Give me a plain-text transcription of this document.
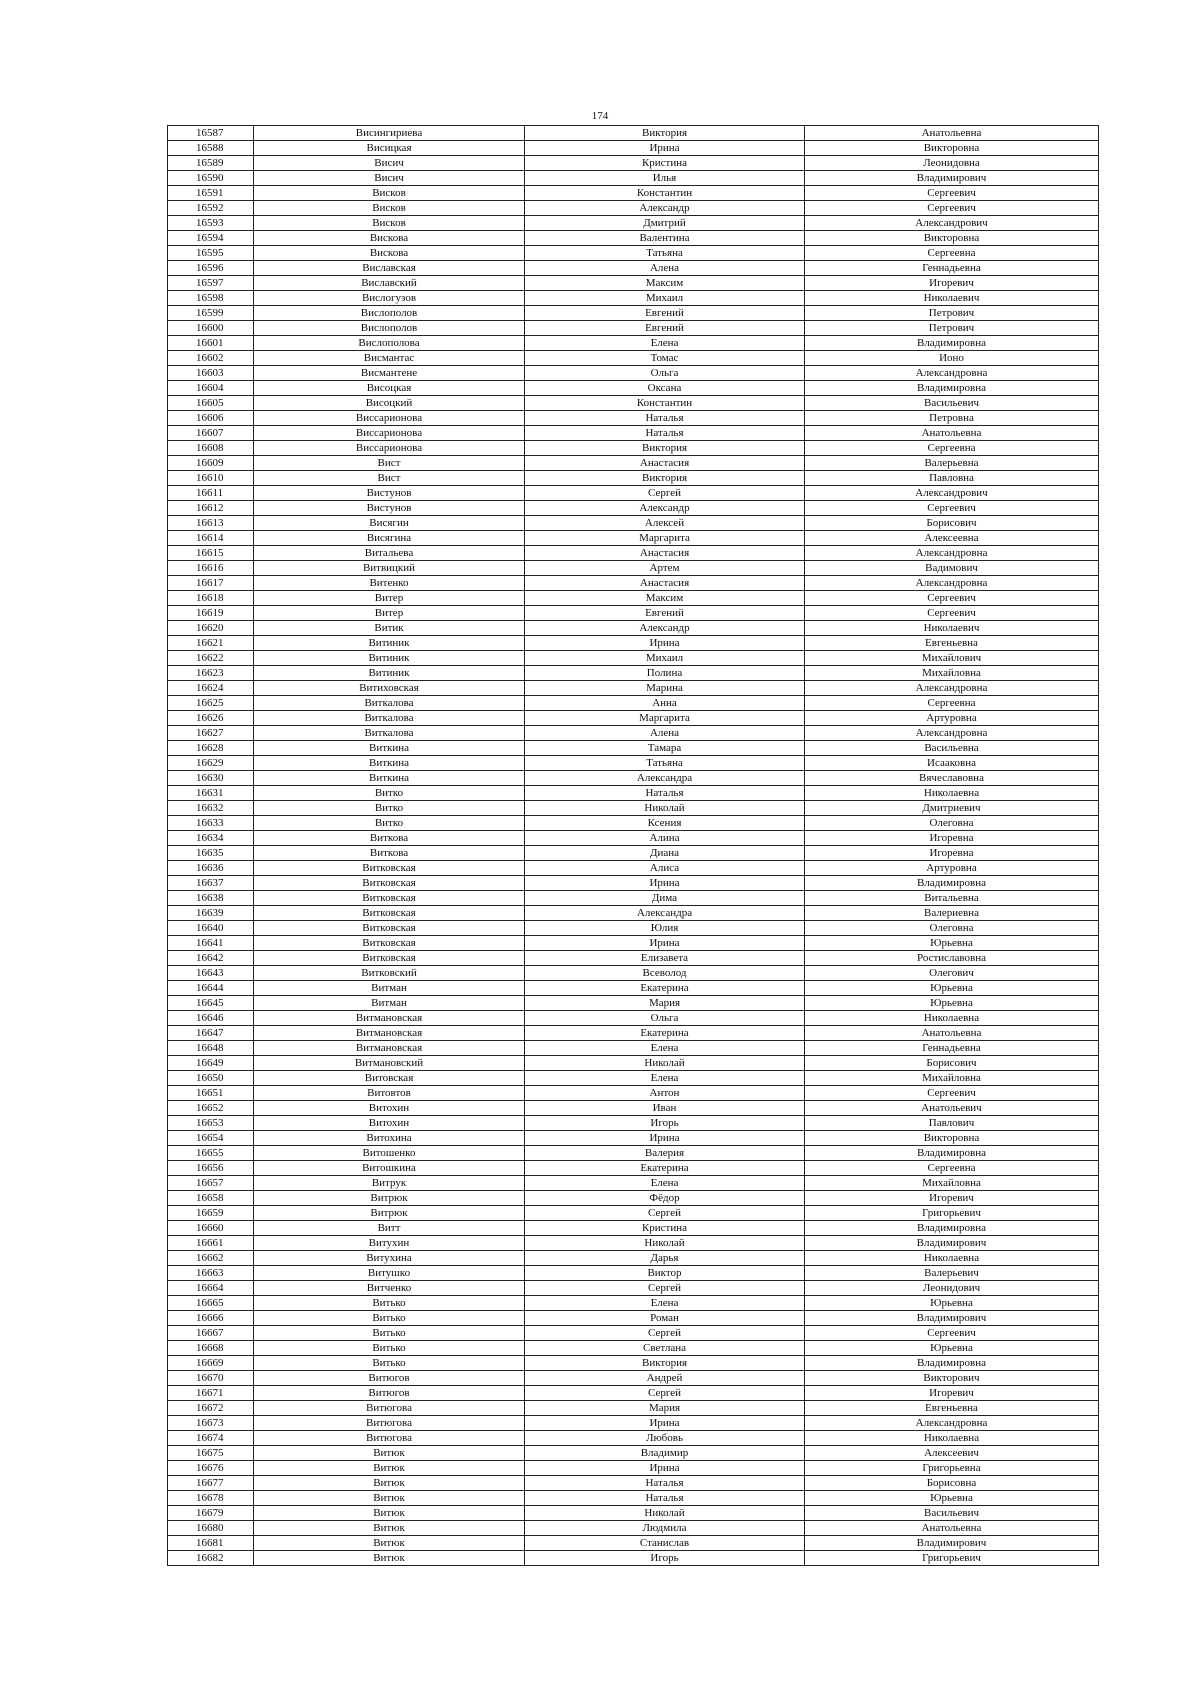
174
16587	Висингириева	Виктория	Анатольевна
16588	Висицкая	Ирина	Викторовна
16589	Висич	Кристина	Леонидовна
16590	Висич	Илья	Владимирович
16591	Висков	Константин	Сергеевич
16592	Висков	Александр	Сергеевич
16593	Висков	Дмитрий	Александрович
16594	Вискова	Валентина	Викторовна
16595	Вискова	Татьяна	Сергеевна
16596	Виславская	Алена	Геннадьевна
16597	Виславский	Максим	Игоревич
16598	Вислогузов	Михаил	Николаевич
16599	Вислополов	Евгений	Петрович
16600	Вислополов	Евгений	Петрович
16601	Вислополова	Елена	Владимировна
16602	Висмантас	Томас	Ионо
16603	Висмантене	Ольга	Александровна
16604	Висоцкая	Оксана	Владимировна
16605	Висоцкий	Константин	Васильевич
16606	Виссарионова	Наталья	Петровна
16607	Виссарионова	Наталья	Анатольевна
16608	Виссарионова	Виктория	Сергеевна
16609	Вист	Анастасия	Валерьевна
16610	Вист	Виктория	Павловна
16611	Вистунов	Сергей	Александрович
16612	Вистунов	Александр	Сергеевич
16613	Висягин	Алексей	Борисович
16614	Висягина	Маргарита	Алексеевна
16615	Витальева	Анастасия	Александровна
16616	Витвицкий	Артем	Вадимович
16617	Витенко	Анастасия	Александровна
16618	Витер	Максим	Сергеевич
16619	Витер	Евгений	Сергеевич
16620	Витик	Александр	Николаевич
16621	Витиник	Ирина	Евгеньевна
16622	Витиник	Михаил	Михайлович
16623	Витиник	Полина	Михайловна
16624	Витиховская	Марина	Александровна
16625	Виткалова	Анна	Сергеевна
16626	Виткалова	Маргарита	Артуровна
16627	Виткалова	Алена	Александровна
16628	Виткина	Тамара	Васильевна
16629	Виткина	Татьяна	Исааковна
16630	Виткина	Александра	Вячеславовна
16631	Витко	Наталья	Николаевна
16632	Витко	Николай	Дмитриевич
16633	Витко	Ксения	Олеговна
16634	Виткова	Алина	Игоревна
16635	Виткова	Диана	Игоревна
16636	Витковская	Алиса	Артуровна
16637	Витковская	Ирина	Владимировна
16638	Витковская	Дима	Витальевна
16639	Витковская	Александра	Валериевна
16640	Витковская	Юлия	Олеговна
16641	Витковская	Ирина	Юрьевна
16642	Витковская	Елизавета	Ростиславовна
16643	Витковский	Всеволод	Олегович
16644	Витман	Екатерина	Юрьевна
16645	Витман	Мария	Юрьевна
16646	Витмановская	Ольга	Николаевна
16647	Витмановская	Екатерина	Анатольевна
16648	Витмановская	Елена	Геннадьевна
16649	Витмановский	Николай	Борисович
16650	Витовская	Елена	Михайловна
16651	Витовтов	Антон	Сергеевич
16652	Витохин	Иван	Анатольевич
16653	Витохин	Игорь	Павлович
16654	Витохина	Ирина	Викторовна
16655	Витошенко	Валерия	Владимировна
16656	Витошкина	Екатерина	Сергеевна
16657	Витрук	Елена	Михайловна
16658	Витрюк	Фёдор	Игоревич
16659	Витрюк	Сергей	Григорьевич
16660	Витт	Кристина	Владимировна
16661	Витухин	Николай	Владимирович
16662	Витухина	Дарья	Николаевна
16663	Витушко	Виктор	Валерьевич
16664	Витченко	Сергей	Леонидович
16665	Витько	Елена	Юрьевна
16666	Витько	Роман	Владимирович
16667	Витько	Сергей	Сергеевич
16668	Витько	Светлана	Юрьевна
16669	Витько	Виктория	Владимировна
16670	Витюгов	Андрей	Викторович
16671	Витюгов	Сергей	Игоревич
16672	Витюгова	Мария	Евгеньевна
16673	Витюгова	Ирина	Александровна
16674	Витюгова	Любовь	Николаевна
16675	Витюк	Владимир	Алексеевич
16676	Витюк	Ирина	Григорьевна
16677	Витюк	Наталья	Борисовна
16678	Витюк	Наталья	Юрьевна
16679	Витюк	Николай	Васильевич
16680	Витюк	Людмила	Анатольевна
16681	Витюк	Станислав	Владимирович
16682	Витюк	Игорь	Григорьевич
